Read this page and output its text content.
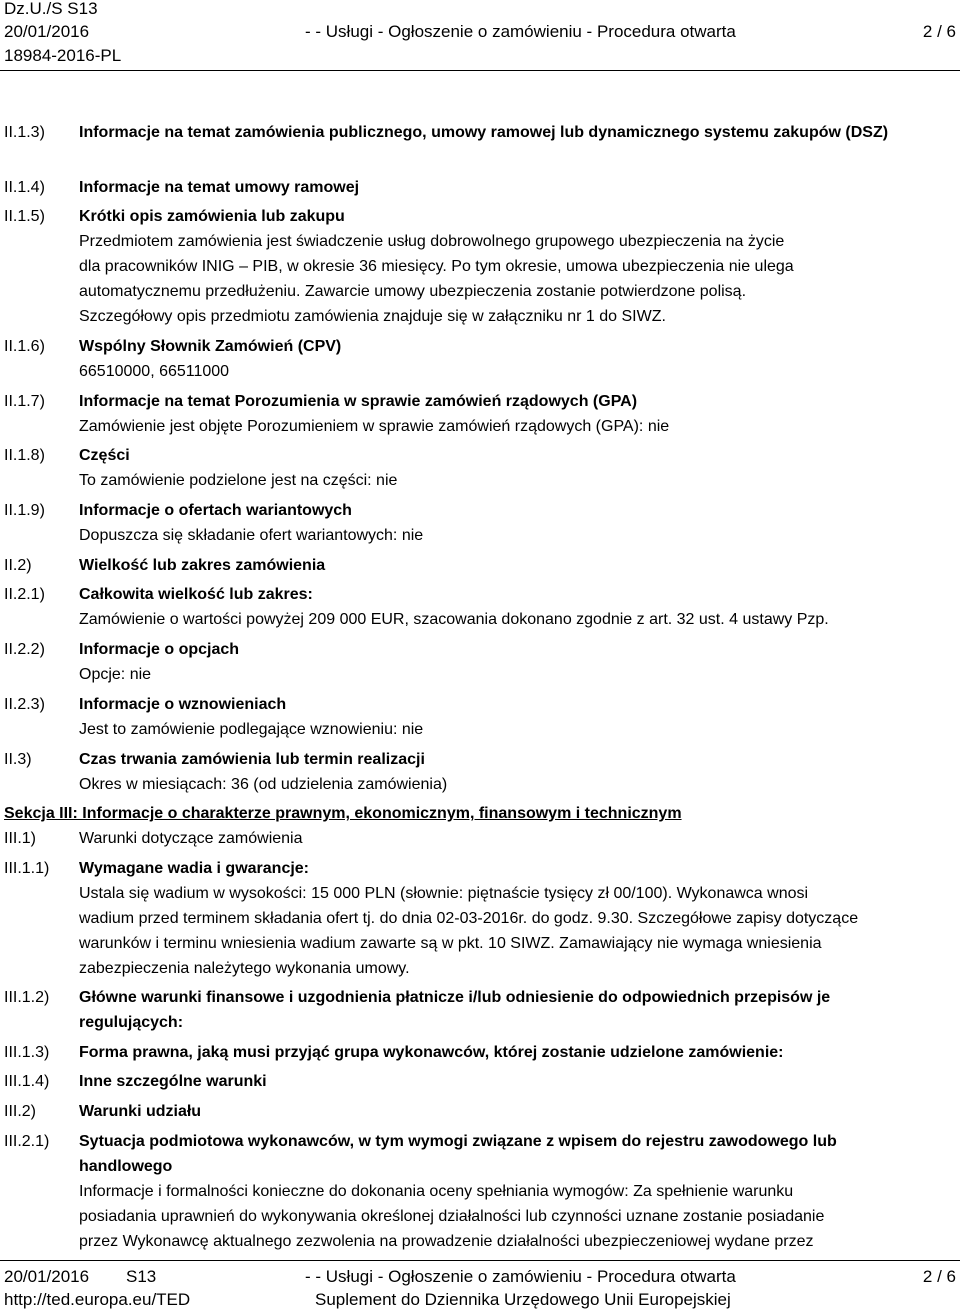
Dz.U./S S13
20/01/2016	- - Usługi - Ogłoszenie o zamówieniu - Procedura otwarta	2 / 6
18984-2016-PL
II.1.3) Informacje na temat zamówienia publicznego, umowy ramowej lub dynamicznego systemu zakupów (DSZ)
II.1.4) Informacje na temat umowy ramowej
II.1.5) Krótki opis zamówienia lub zakupu
Przedmiotem zamówienia jest świadczenie usług dobrowolnego grupowego ubezpieczenia na życie
dla pracowników INIG – PIB, w okresie 36 miesięcy. Po tym okresie, umowa ubezpieczenia nie ulega
automatycznemu przedłużeniu. Zawarcie umowy ubezpieczenia zostanie potwierdzone polisą.
Szczegółowy opis przedmiotu zamówienia znajduje się w załączniku nr 1 do SIWZ.
II.1.6) Wspólny Słownik Zamówień (CPV)
66510000, 66511000
II.1.7) Informacje na temat Porozumienia w sprawie zamówień rządowych (GPA)
Zamówienie jest objęte Porozumieniem w sprawie zamówień rządowych (GPA): nie
II.1.8) Części
To zamówienie podzielone jest na części: nie
II.1.9) Informacje o ofertach wariantowych
Dopuszcza się składanie ofert wariantowych: nie
II.2)	Wielkość lub zakres zamówienia
II.2.1) Całkowita wielkość lub zakres:
Zamówienie o wartości powyżej 209 000 EUR, szacowania dokonano zgodnie z art. 32 ust. 4 ustawy Pzp.
II.2.2) Informacje o opcjach
Opcje: nie
II.2.3) Informacje o wznowieniach
Jest to zamówienie podlegające wznowieniu: nie
II.3)	Czas trwania zamówienia lub termin realizacji
Okres w miesiącach: 36 (od udzielenia zamówienia)
Sekcja III: Informacje o charakterze prawnym, ekonomicznym, finansowym i technicznym
III.1)	Warunki dotyczące zamówienia
III.1.1) Wymagane wadia i gwarancje:
Ustala się wadium w wysokości: 15 000 PLN (słownie: piętnaście tysięcy zł 00/100). Wykonawca wnosi
wadium przed terminem składania ofert tj. do dnia 02-03-2016r. do godz. 9.30. Szczegółowe zapisy dotyczące
warunków i terminu wniesienia wadium zawarte są w pkt. 10 SIWZ. Zamawiający nie wymaga wniesienia
zabezpieczenia należytego wykonania umowy.
III.1.2) Główne warunki finansowe i uzgodnienia płatnicze i/lub odniesienie do odpowiednich przepisów je
regulujących:
III.1.3) Forma prawna, jaką musi przyjąć grupa wykonawców, której zostanie udzielone zamówienie:
III.1.4) Inne szczególne warunki
III.2)	Warunki udziału
III.2.1) Sytuacja podmiotowa wykonawców, w tym wymogi związane z wpisem do rejestru zawodowego lub
handlowego
Informacje i formalności konieczne do dokonania oceny spełniania wymogów: Za spełnienie warunku
posiadania uprawnień do wykonywania określonej działalności lub czynności uznane zostanie posiadanie
przez Wykonawcę aktualnego zezwolenia na prowadzenie działalności ubezpieczeniowej wydane przez
20/01/2016 S13	- - Usługi - Ogłoszenie o zamówieniu - Procedura otwarta	2 / 6
http://ted.europa.eu/TED	Suplement do Dziennika Urzędowego Unii Europejskiej
